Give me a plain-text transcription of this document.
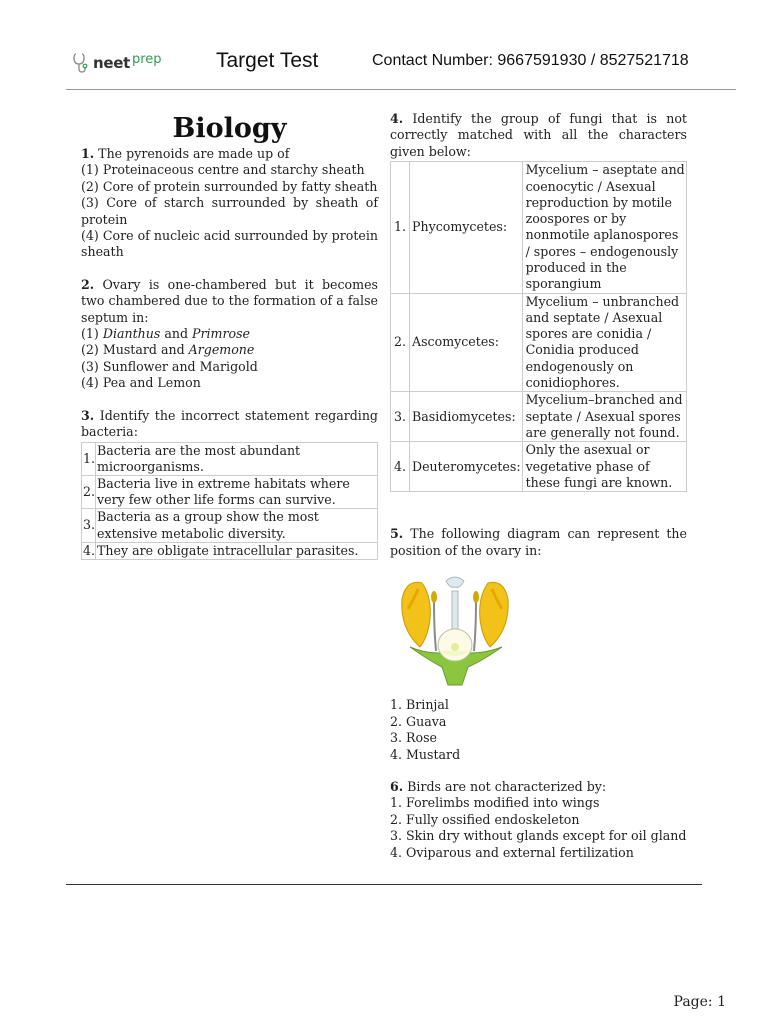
neet prep	Target Test	Contact Number: 9667591930 / 8527521718
Biology
1. The pyrenoids are made up of
(1) Proteinaceous centre and starchy sheath
(2) Core of protein surrounded by fatty sheath
(3) Core of starch surrounded by sheath of protein
(4) Core of nucleic acid surrounded by protein sheath
2. Ovary is one-chambered but it becomes two chambered due to the formation of a false septum in:
(1) Dianthus and Primrose
(2) Mustard and Argemone
(3) Sunflower and Marigold
(4) Pea and Lemon
3. Identify the incorrect statement regarding bacteria:
1.	Bacteria are the most abundant microorganisms.
2.	Bacteria live in extreme habitats where very few other life forms can survive.
3.	Bacteria as a group show the most extensive metabolic diversity.
4.	They are obligate intracellular parasites.
4. Identify the group of fungi that is not correctly matched with all the characters given below:
1.	Phycomycetes:	Mycelium – aseptate and coenocytic / Asexual reproduction by motile zoospores or by nonmotile aplanospores / spores – endogenously produced in the sporangium
2.	Ascomycetes:	Mycelium – unbranched and septate / Asexual spores are conidia / Conidia produced endogenously on conidiophores.
3.	Basidiomycetes:	Mycelium–branched and septate / Asexual spores are generally not found.
4.	Deuteromycetes:	Only the asexual or vegetative phase of these fungi are known.
5. The following diagram can represent the position of the ovary in:
1. Brinjal
2. Guava
3. Rose
4. Mustard
6. Birds are not characterized by:
1. Forelimbs modified into wings
2. Fully ossified endoskeleton
3. Skin dry without glands except for oil gland
4. Oviparous and external fertilization
Page: 1
